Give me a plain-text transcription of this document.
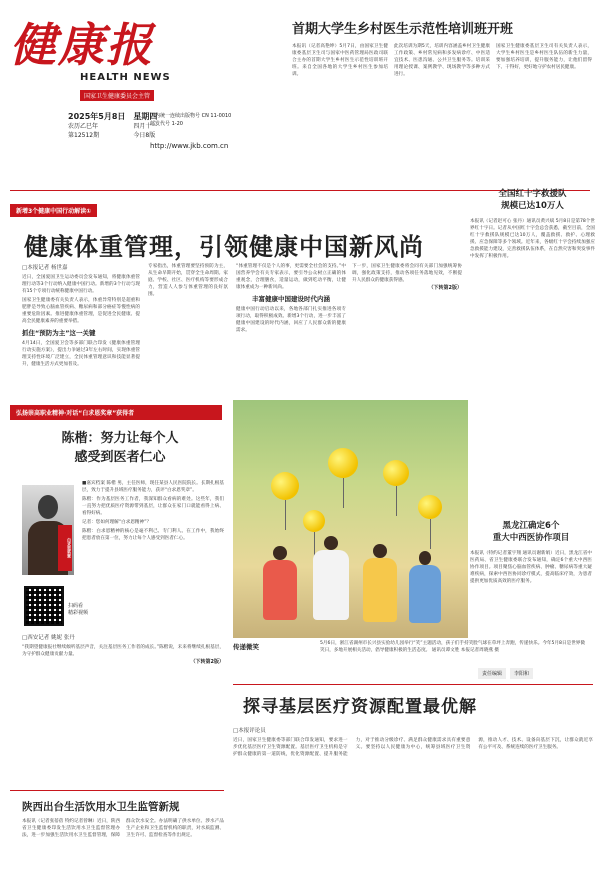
健康报
HEALTH NEWS
国家卫生健康委员会主管
2025年5月8日
农历乙巳年
第12512期
星期四
四月十一
今日8版
国内统一连续出版物号 CN 11-0010
邮发代号 1-20
http://www.jkb.com.cn
首期大学生乡村医生示范性培训班开班
本报讯（记者高艳坤）5月7日，由国家卫生健康委基层卫生司与国家中医药管理局医政司联合主办的首期大学生乡村医生示范性培训班开班。来自全国各地的大学生乡村医生参加培训。
此次培训为期5天，培训内容涵盖乡村卫生健康工作政策、乡村常见病和多发病诊疗、中医适宜技术、医患沟通、公共卫生服务等。培训采用理论授课、案例教学、现场教学等多种方式进行。
国家卫生健康委基层卫生司有关负责人表示，大学生乡村医生是乡村医生队伍的新生力量，要加强培养培训，提升服务能力，让他们留得下、干得好，更好地守护农村居民健康。
新增3个健康中国行动解读①
健康体重管理，引领健康中国新风尚
全国红十字救援队
规模已达10万人
本报讯（记者赵可心 张丹）通讯员黄兴斌 5月8日是第78个世界红十字日。记者从中国红十字会总会获悉，截至目前，全国红十字救援队规模已达10万人，覆盖救援、救护、心理救援、应急保障等多个领域。近年来，各级红十字会持续加强应急救援能力建设，完善救援队伍体系，在自然灾害和突发事件中发挥了积极作用。
□本报记者 杨世嘉
近日，全国爱国卫生运动委员会发布通知，将健康体重管理行动等3个行动纳入健康中国行动。新增的3个行动与现有15个专项行动统称健康中国行动。
国家卫生健康委有关负责人表示，体重异常特别是超重和肥胖是导致心脑血管疾病、糖尿病和部分癌症等慢性病的重要危险因素。推进健康体重管理，是促进全民健康、提高全民健康素养的重要举措。
抓住“预防为主”这一关键
4月14日，全国爱卫会等多部门联合印发《健康体重管理行动实施方案》，提出力争通过3年左右时间，实现体重管理支持性环境广泛建立，全民体重管理意识和技能显著提升，健康生活方式更加普及。
专家指出，体重管理要坚持预防为主，从生命早期开始，贯穿全生命周期。家庭、学校、社区、医疗机构等要形成合力，营造人人参与体重管理的良好氛围。
“体重管理不仅是个人的事，更需要全社会的支持。”中国营养学会有关专家表示，要引导公众树立正确的体重观念，合理膳食，适量运动，做到吃动平衡，让健康体重成为一种新风尚。
丰富健康中国建设时代内涵
健康中国行动启动以来，各地各部门扎实推进各项专项行动，取得积极成效。新增3个行动，进一步丰富了健康中国建设的时代内涵，回应了人民群众新的健康需求。
下一步，国家卫生健康委将会同有关部门加强统筹协调，强化政策支持，推动各项任务落地见效，不断提升人民群众的健康获得感。
（下转第2版）
弘扬崇高职业精神·对话“白求恩奖章”获得者
陈楷：努力让每个人
感受到医者仁心
白求恩奖章
■嘉宾档案 陈楷 男，主任医师，现任某县人民医院院长。长期扎根基层，致力于提升县域医疗服务能力，获评“白求恩奖章”。
陈楷：作为基层医务工作者，我深知群众看病的难处。这些年，我们一直努力把优质医疗资源带到基层，让群众在家门口就能看得上病、看得好病。
记者：您如何理解“白求恩精神”？
陈楷：白求恩精神的核心是毫不利己、专门利人。在工作中，我始终把患者放在第一位，努力让每个人感受到医者仁心。
扫码看
精彩视频
□西安记者 姚妮 张丹
“我期望健康报社继续倾听基层声音，关注基层医务工作者的成长。”陈楷说，未来将继续扎根基层，为守护群众健康贡献力量。
（下转第2版）
传递微笑	5月6日，浙江省湖州市长兴县实验幼儿园举行“笑”主题活动，孩子们手持笑脸气球在草坪上奔跑，传递快乐。今年5月8日是世界微笑日，多地开展相关活动，倡导健康积极的生活态度。 通讯员谭文胜 本报记者周晓燕 摄
黑龙江确定6个
重大中西医协作项目
本报讯（特约记者董宇翔 通讯员谢新娟）近日，黑龙江省中医药局、省卫生健康委联合发布通知，确定6个重大中西医协作项目。项目聚焦心脑血管疾病、肿瘤、糖尿病等重大疑难疾病，探索中西医协同诊疗模式，提高临床疗效，为患者提供更加优质高效的医疗服务。
责任编辑	李阳和
探寻基层医疗资源配置最优解
□本报评论员
近日，国家卫生健康委等部门联合印发通知，要求进一步优化基层医疗卫生资源配置。基层医疗卫生机构是守护群众健康的第一道防线，优化资源配置、提升服务能力，对于推动分级诊疗、满足群众健康需求具有重要意义。要坚持以人民健康为中心，统筹县域医疗卫生资源，推动人才、技术、设备向基层下沉，让群众就近享有公平可及、系统连续的医疗卫生服务。
陕西出台生活饮用水卫生监管新规
本报讯（记者张蓓蓓 特约记者曾琳）近日，陕西省卫生健康委印发生活饮用水卫生监督管理办法，进一步加强生活饮用水卫生监督管理，保障群众饮水安全。办法明确了供水单位、涉水产品生产企业和卫生监督机构的职责，对水质监测、卫生许可、监督检查等作出规定。
